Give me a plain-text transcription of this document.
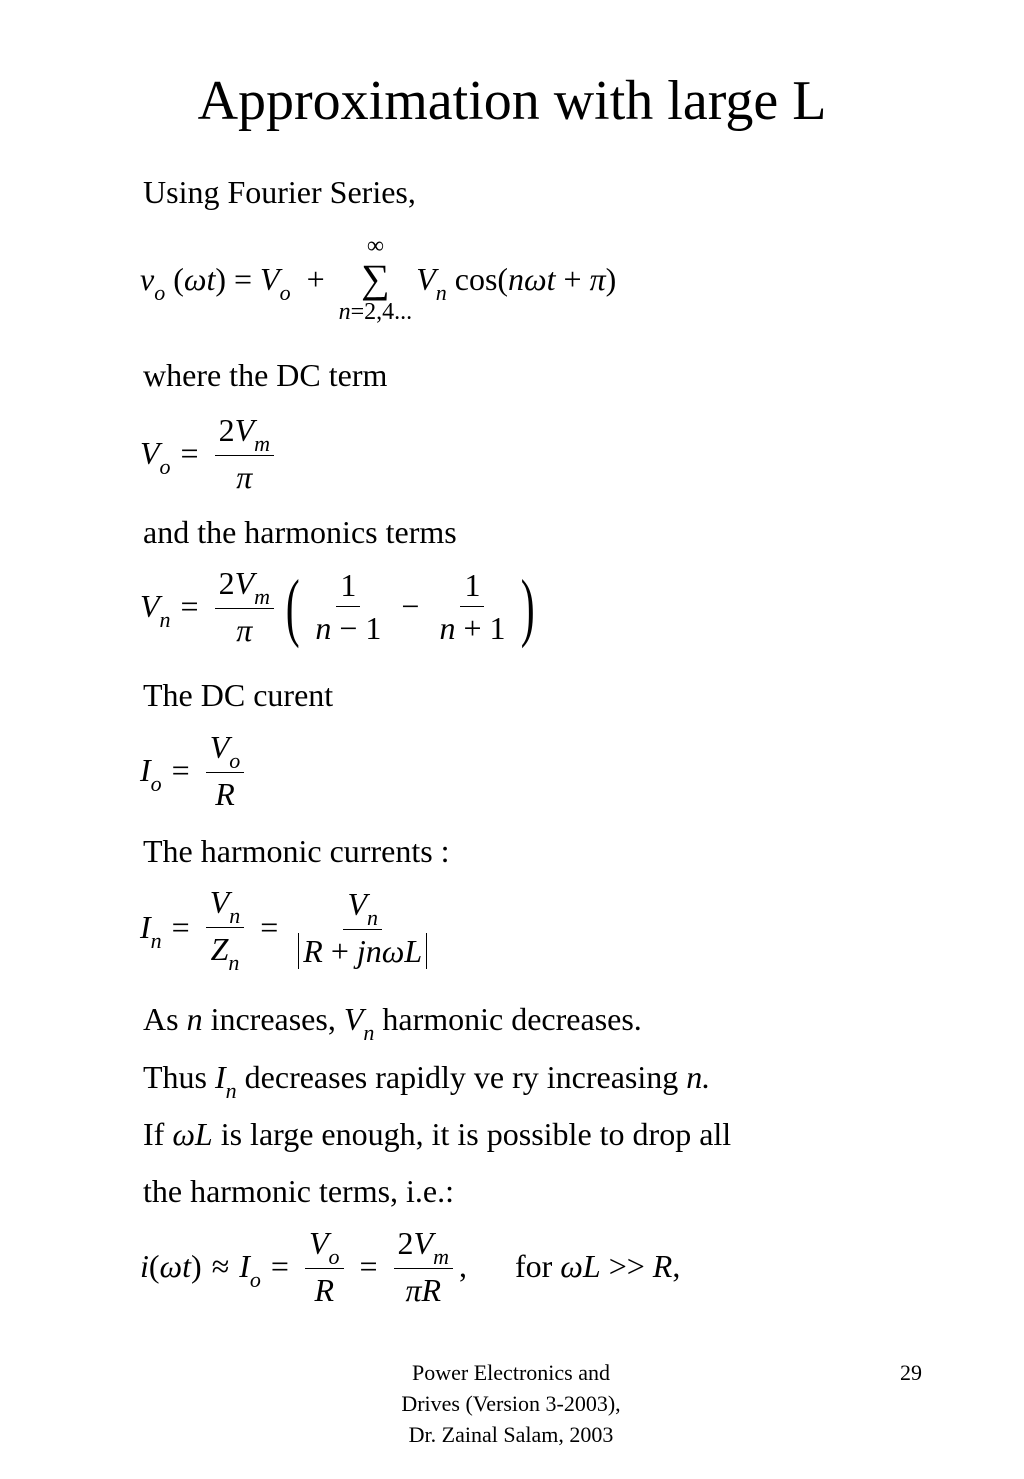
Approximation with large L
Using Fourier Series,
$v_o$ $(\omega t) = V_o$  +
∞
∑
n=2,4...
$V_n$ cos(nωt + π)
where the DC term
$V_o = \frac{2V_m}{\pi}$
and the harmonics terms
$V_n = \frac{2V_m}{\pi}$ ( $\frac{1}{n - 1} - \frac{1}{n + 1}$ )
The DC curent
$I_o = \frac{V_o}{R}$
The harmonic currents :
$I_n = \frac{V_n}{Z_n} = \frac{V_n}{\text{R + jnωL}}$
As n increases, $V_n$ harmonic decreases.
Thus $I_n$ decreases rapidly ve ry increasing n.
If ωL is large enough, it is possible to drop all
the harmonic terms, i.e.:
$i(\omega t) \approx I_o = \frac{V_o}{R} = \frac{2V_m}{\pi R}$ ,      for ωL >> R,
Power Electronics and
Drives (Version 3-2003),
Dr. Zainal Salam, 2003
29
